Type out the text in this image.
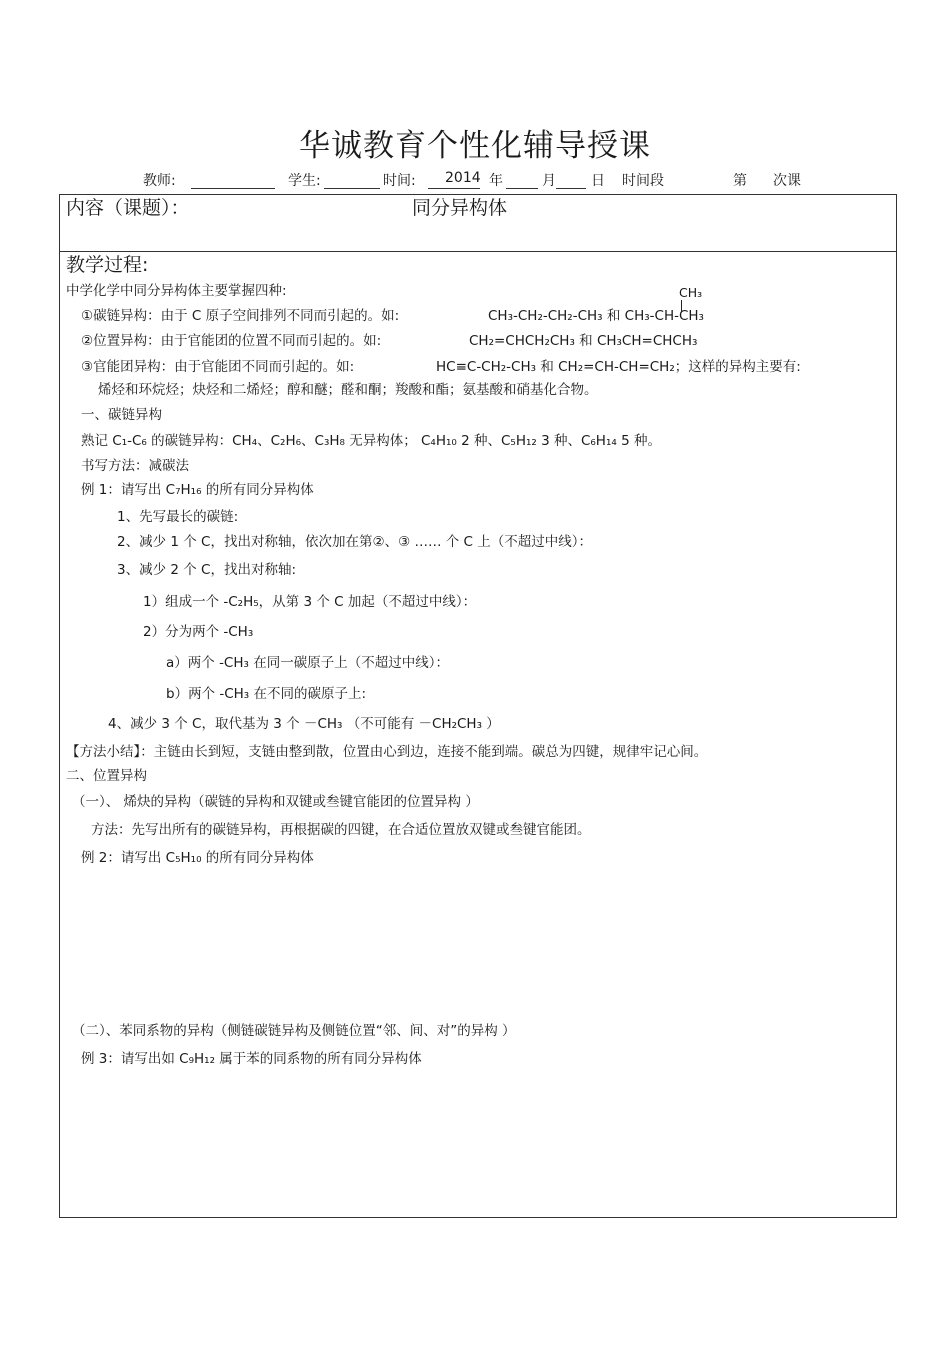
华诚教育个性化辅导授课
教师:	学生:	时间: 2014 年	月	日 时间段	第 次课
内容（课题）：	同分异构体
教学过程:
中学化学中同分异构体主要掌握四种:	CH₃
①碳链异构：由于 C 原子空间排列不同而引起的。如:	CH₃-CH₂-CH₂-CH₃ 和 CH₃-CH-CH₃
②位置异构：由于官能团的位置不同而引起的。如:	CH₂=CHCH₂CH₃ 和 CH₃CH=CHCH₃
③官能团异构：由于官能团不同而引起的。如:	HC≡C-CH₂-CH₃ 和 CH₂=CH-CH=CH₂；这样的异构主要有:
烯烃和环烷烃；炔烃和二烯烃；醇和醚；醛和酮；羧酸和酯；氨基酸和硝基化合物。
一、碳链异构
熟记 C₁-C₆ 的碳链异构：CH₄、C₂H₆、C₃H₈ 无异构体； C₄H₁₀ 2 种、C₅H₁₂ 3 种、C₆H₁₄ 5 种。
书写方法：减碳法
例 1：请写出 C₇H₁₆ 的所有同分异构体
1、先写最长的碳链:
2、减少 1 个 C，找出对称轴，依次加在第②、③ …… 个 C 上（不超过中线）：
3、减少 2 个 C，找出对称轴:
1）组成一个 -C₂H₅，从第 3 个 C 加起（不超过中线）：
2）分为两个 -CH₃
a）两个 -CH₃ 在同一碳原子上（不超过中线）：
b）两个 -CH₃ 在不同的碳原子上:
4、减少 3 个 C，取代基为 3 个 －CH₃ （不可能有 －CH₂CH₃ ）
【方法小结】：主链由长到短，支链由整到散，位置由心到边，连接不能到端。碳总为四键，规律牢记心间。
二、位置异构
（一）、 烯炔的异构（碳链的异构和双键或叁键官能团的位置异构 ）
方法：先写出所有的碳链异构，再根据碳的四键，在合适位置放双键或叁键官能团。
例 2：请写出 C₅H₁₀ 的所有同分异构体
（二）、苯同系物的异构（侧链碳链异构及侧链位置“邻、间、对”的异构 ）
例 3：请写出如 C₉H₁₂ 属于苯的同系物的所有同分异构体
